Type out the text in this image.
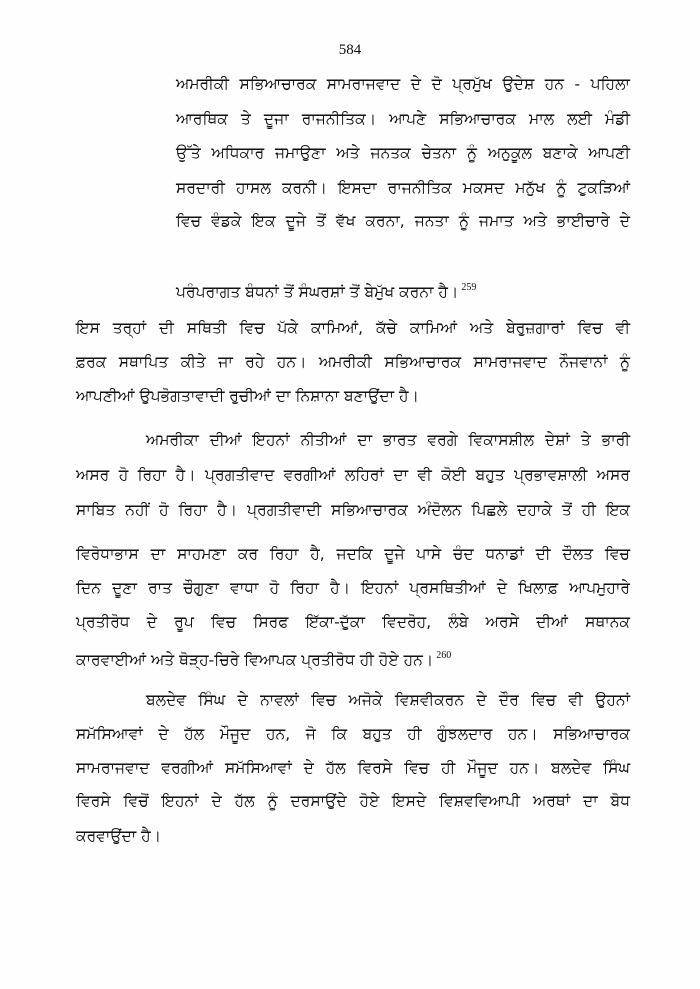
584
ਅਮਰੀਕੀ ਸਭਿਆਚਾਰਕ ਸਾਮਰਾਜਵਾਦ ਦੇ ਦੋ ਪ੍ਰਮੁੱਖ ਉਦੇਸ਼ ਹਨ - ਪਹਿਲਾ
ਆਰਥਿਕ ਤੇ ਦੂਜਾ ਰਾਜਨੀਤਿਕ। ਆਪਣੇ ਸਭਿਆਚਾਰਕ ਮਾਲ ਲਈ ਮੰਡੀ
ਉੱਤੇ ਅਧਿਕਾਰ ਜਮਾਉਣਾ ਅਤੇ ਜਨਤਕ ਚੇਤਨਾ ਨੂੰ ਅਨੁਕੂਲ ਬਣਾਕੇ ਆਪਣੀ
ਸਰਦਾਰੀ ਹਾਸਲ ਕਰਨੀ। ਇਸਦਾ ਰਾਜਨੀਤਿਕ ਮਕਸਦ ਮਨੁੱਖ ਨੂੰ ਟੁਕੜਿਆਂ
ਵਿਚ ਵੰਡਕੇ ਇਕ ਦੂਜੇ ਤੋਂ ਵੱਖ ਕਰਨਾ, ਜਨਤਾ ਨੂੰ ਜਮਾਤ ਅਤੇ ਭਾਈਚਾਰੇ ਦੇ
ਪਰੰਪਰਾਗਤ ਬੰਧਨਾਂ ਤੋਂ ਸੰਘਰਸ਼ਾਂ ਤੋਂ ਬੇਮੁੱਖ ਕਰਨਾ ਹੈ। $^{259}$
ਇਸ ਤਰ੍ਹਾਂ ਦੀ ਸਥਿਤੀ ਵਿਚ ਪੱਕੇ ਕਾਮਿਆਂ, ਕੱਚੇ ਕਾਮਿਆਂ ਅਤੇ ਬੇਰੁਜ਼ਗਾਰਾਂ ਵਿਚ ਵੀ
ਫ਼ਰਕ ਸਥਾਪਿਤ ਕੀਤੇ ਜਾ ਰਹੇ ਹਨ। ਅਮਰੀਕੀ ਸਭਿਆਚਾਰਕ ਸਾਮਰਾਜਵਾਦ ਨੌਜਵਾਨਾਂ ਨੂੰ
ਆਪਣੀਆਂ ਉਪਭੋਗਤਾਵਾਦੀ ਰੁਚੀਆਂ ਦਾ ਨਿਸ਼ਾਨਾ ਬਣਾਉਂਦਾ ਹੈ।
ਅਮਰੀਕਾ ਦੀਆਂ ਇਹਨਾਂ ਨੀਤੀਆਂ ਦਾ ਭਾਰਤ ਵਰਗੇ ਵਿਕਾਸਸ਼ੀਲ ਦੇਸ਼ਾਂ ਤੇ ਭਾਰੀ
ਅਸਰ ਹੋ ਰਿਹਾ ਹੈ। ਪ੍ਰਗਤੀਵਾਦ ਵਰਗੀਆਂ ਲਹਿਰਾਂ ਦਾ ਵੀ ਕੋਈ ਬਹੁਤ ਪ੍ਰਭਾਵਸ਼ਾਲੀ ਅਸਰ
ਸਾਬਿਤ ਨਹੀਂ ਹੋ ਰਿਹਾ ਹੈ। ਪ੍ਰਗਤੀਵਾਦੀ ਸਭਿਆਚਾਰਕ ਅੰਦੋਲਨ ਪਿਛਲੇ ਦਹਾਕੇ ਤੋਂ ਹੀ ਇਕ
ਵਿਰੋਧਾਭਾਸ ਦਾ ਸਾਹਮਣਾ ਕਰ ਰਿਹਾ ਹੈ, ਜਦਕਿ ਦੂਜੇ ਪਾਸੇ ਚੰਦ ਧਨਾਡਾਂ ਦੀ ਦੌਲਤ ਵਿਚ
ਦਿਨ ਦੂਣਾ ਰਾਤ ਚੌਗੁਣਾ ਵਾਧਾ ਹੋ ਰਿਹਾ ਹੈ। ਇਹਨਾਂ ਪ੍ਰਸਥਿਤੀਆਂ ਦੇ ਖਿਲਾਫ਼ ਆਪਮੁਹਾਰੇ
ਪ੍ਰਤੀਰੋਧ ਦੇ ਰੂਪ ਵਿਚ ਸਿਰਫ ਇੱਕਾ-ਦੁੱਕਾ ਵਿਦਰੋਹ, ਲੰਬੇ ਅਰਸੇ ਦੀਆਂ ਸਥਾਨਕ
ਕਾਰਵਾਈਆਂ ਅਤੇ ਥੋੜ੍ਹ-ਚਿਰੇ ਵਿਆਪਕ ਪ੍ਰਤੀਰੋਧ ਹੀ ਹੋਏ ਹਨ। $^{260}$
ਬਲਦੇਵ ਸਿੰਘ ਦੇ ਨਾਵਲਾਂ ਵਿਚ ਅਜੋਕੇ ਵਿਸ਼ਵੀਕਰਨ ਦੇ ਦੌਰ ਵਿਚ ਵੀ ਉਹਨਾਂ
ਸਮੱਸਿਆਵਾਂ ਦੇ ਹੱਲ ਮੌਜੂਦ ਹਨ, ਜੋ ਕਿ ਬਹੁਤ ਹੀ ਗੁੰਝਲਦਾਰ ਹਨ। ਸਭਿਆਚਾਰਕ
ਸਾਮਰਾਜਵਾਦ ਵਰਗੀਆਂ ਸਮੱਸਿਆਵਾਂ ਦੇ ਹੱਲ ਵਿਰਸੇ ਵਿਚ ਹੀ ਮੌਜੂਦ ਹਨ। ਬਲਦੇਵ ਸਿੰਘ
ਵਿਰਸੇ ਵਿਚੋਂ ਇਹਨਾਂ ਦੇ ਹੱਲ ਨੂੰ ਦਰਸਾਉਂਦੇ ਹੋਏ ਇਸਦੇ ਵਿਸ਼ਵਵਿਆਪੀ ਅਰਥਾਂ ਦਾ ਬੋਧ
ਕਰਵਾਉਂਦਾ ਹੈ।
